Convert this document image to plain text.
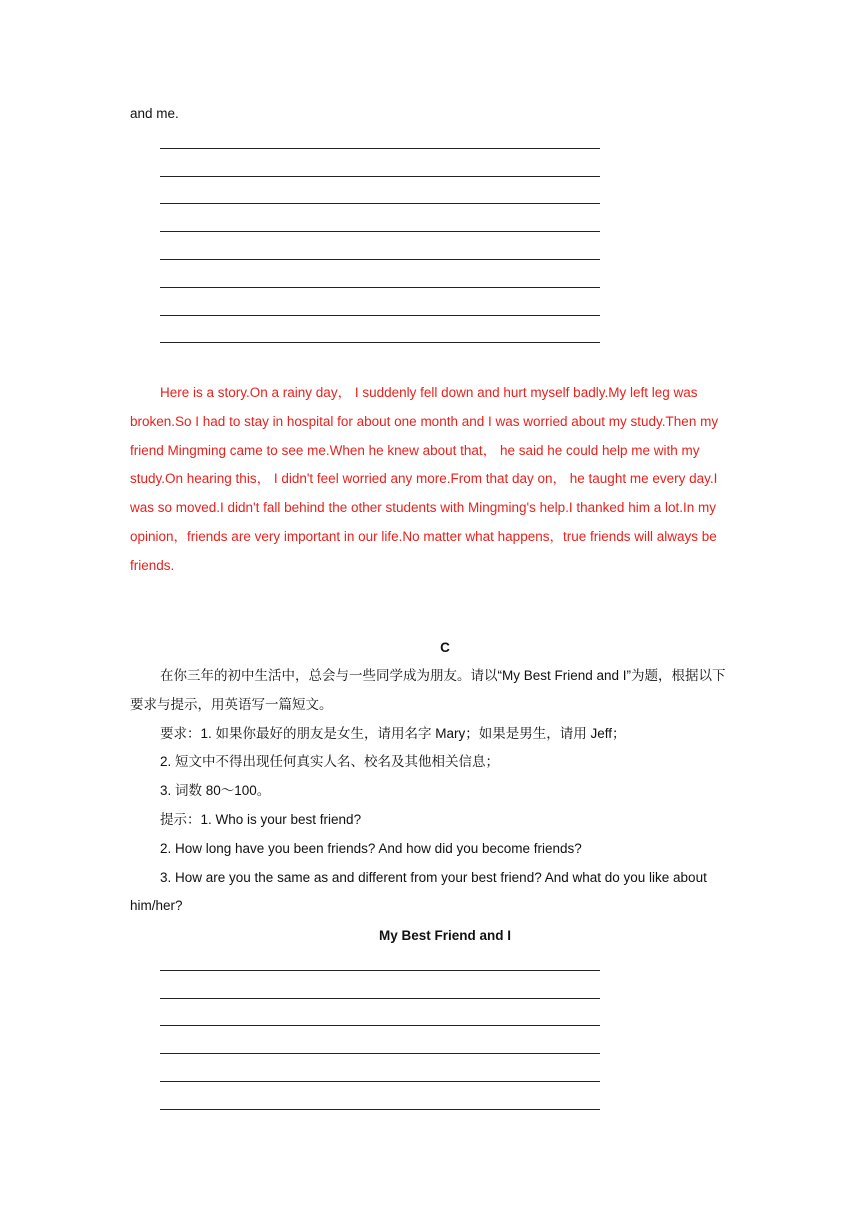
and me.

Here is a story.On a rainy day， I suddenly fell down and hurt myself badly.My left leg was broken.So I had to stay in hospital for about one month and I was worried about my study.Then my friend Mingming came to see me.When he knew about that， he said he could help me with my study.On hearing this， I didn't feel worried any more.From that day on， he taught me every day.I was so moved.I didn't fall behind the other students with Mingming's help.I thanked him a lot.In my opinion，friends are very important in our life.No matter what happens，true friends will always be friends.

C

在你三年的初中生活中，总会与一些同学成为朋友。请以“My Best Friend and I”为题，根据以下要求与提示，用英语写一篇短文。

要求：1. 如果你最好的朋友是女生，请用名字 Mary；如果是男生，请用 Jeff；

2. 短文中不得出现任何真实人名、校名及其他相关信息；

3. 词数 80～100。

提示：1. Who is your best friend?

2. How long have you been friends? And how did you become friends?

3. How are you the same as and different from your best friend? And what do you like about him/her?

My Best Friend and I
